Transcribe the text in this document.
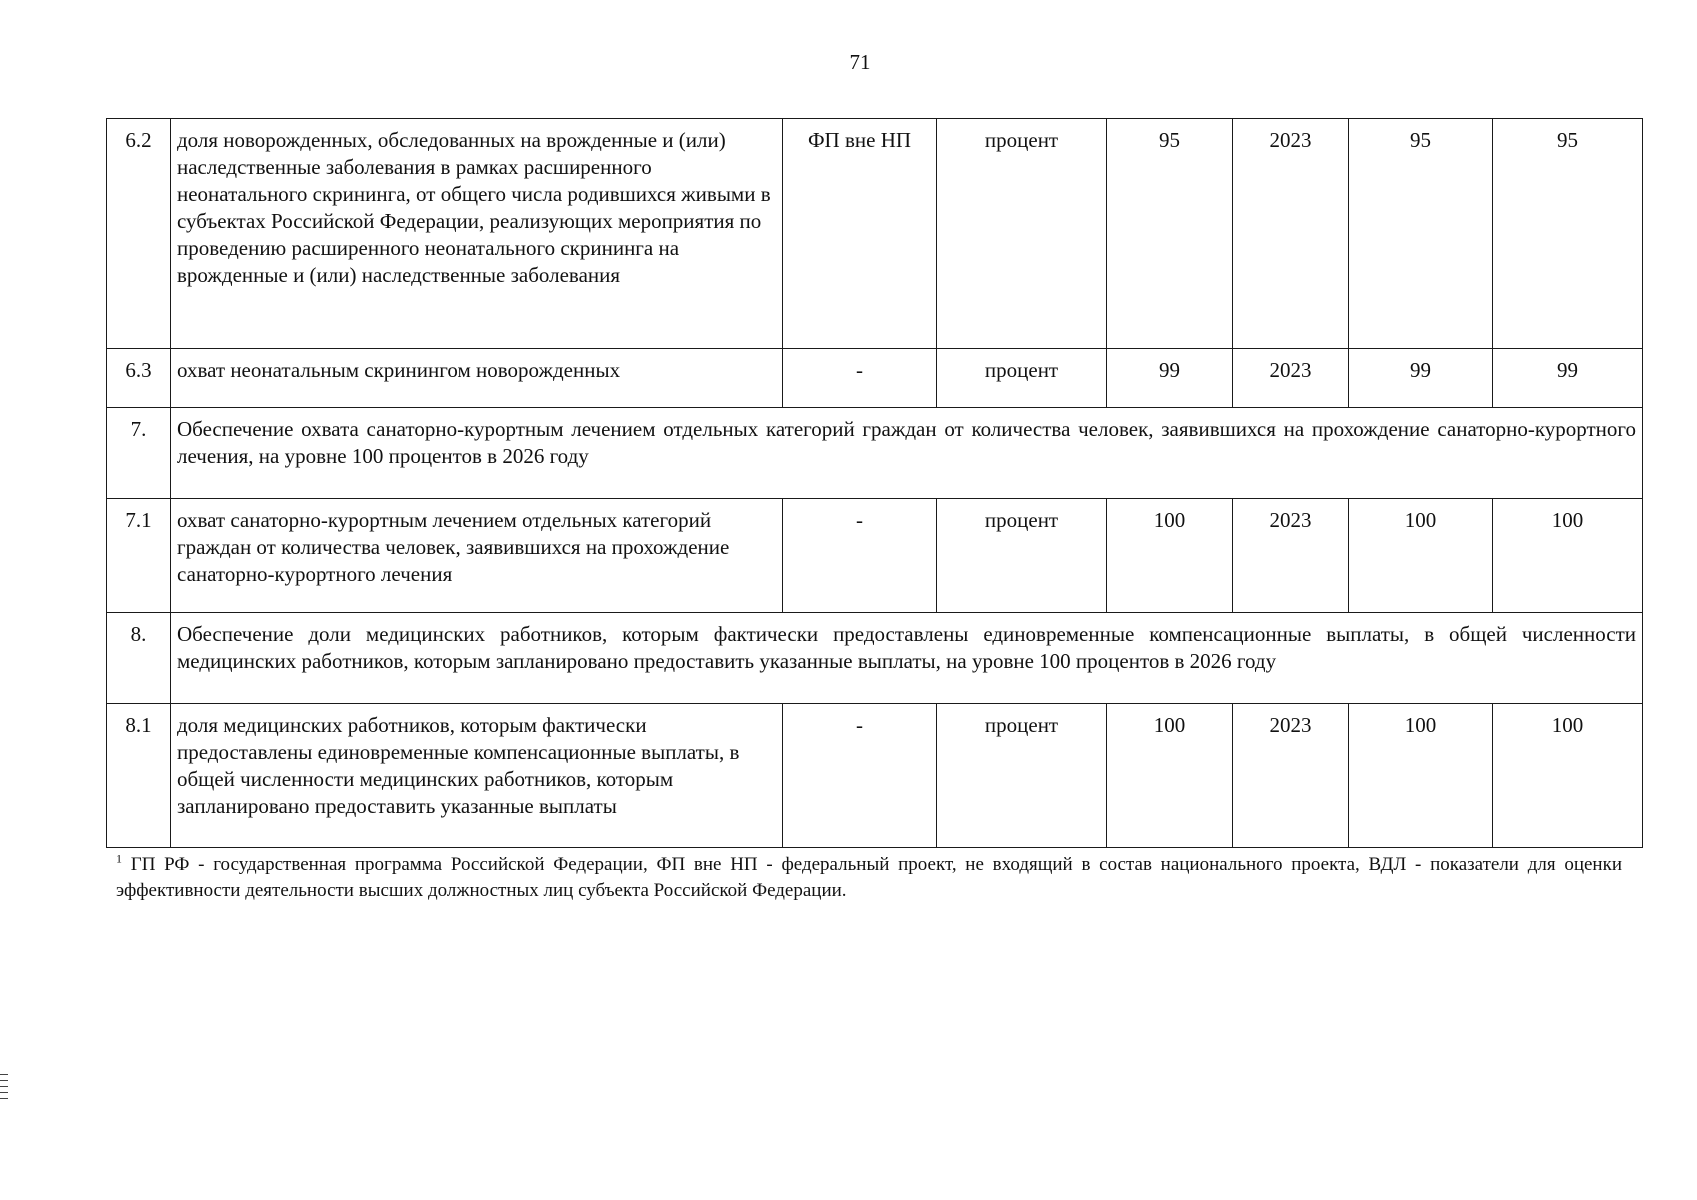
71
6.2	доля новорожденных, обследованных на врожденные и (или) наследственные заболевания в рамках расширенного неонатального скрининга, от общего числа родившихся живыми в субъектах Российской Федерации, реализующих мероприятия по проведению расширенного неонатального скрининга на врожденные и (или) наследственные заболевания	ФП вне НП	процент	95	2023	95	95
6.3	охват неонатальным скринингом новорожденных	-	процент	99	2023	99	99
7.	Обеспечение охвата санаторно-курортным лечением отдельных категорий граждан от количества человек, заявившихся на прохождение санаторно-курортного лечения, на уровне 100 процентов в 2026 году						
7.1	охват санаторно-курортным лечением отдельных категорий граждан от количества человек, заявившихся на прохождение санаторно-курортного лечения	-	процент	100	2023	100	100
8.	Обеспечение доли медицинских работников, которым фактически предоставлены единовременные компенсационные выплаты, в общей численности медицинских работников, которым запланировано предоставить указанные выплаты, на уровне 100 процентов в 2026 году						
8.1	доля медицинских работников, которым фактически предоставлены единовременные компенсационные выплаты, в общей численности медицинских работников, которым запланировано предоставить указанные выплаты	-	процент	100	2023	100	100
$^1$ ГП РФ - государственная программа Российской Федерации, ФП вне НП - федеральный проект, не входящий в состав национального проекта, ВДЛ - показатели для оценки эффективности деятельности высших должностных лиц субъекта Российской Федерации.
